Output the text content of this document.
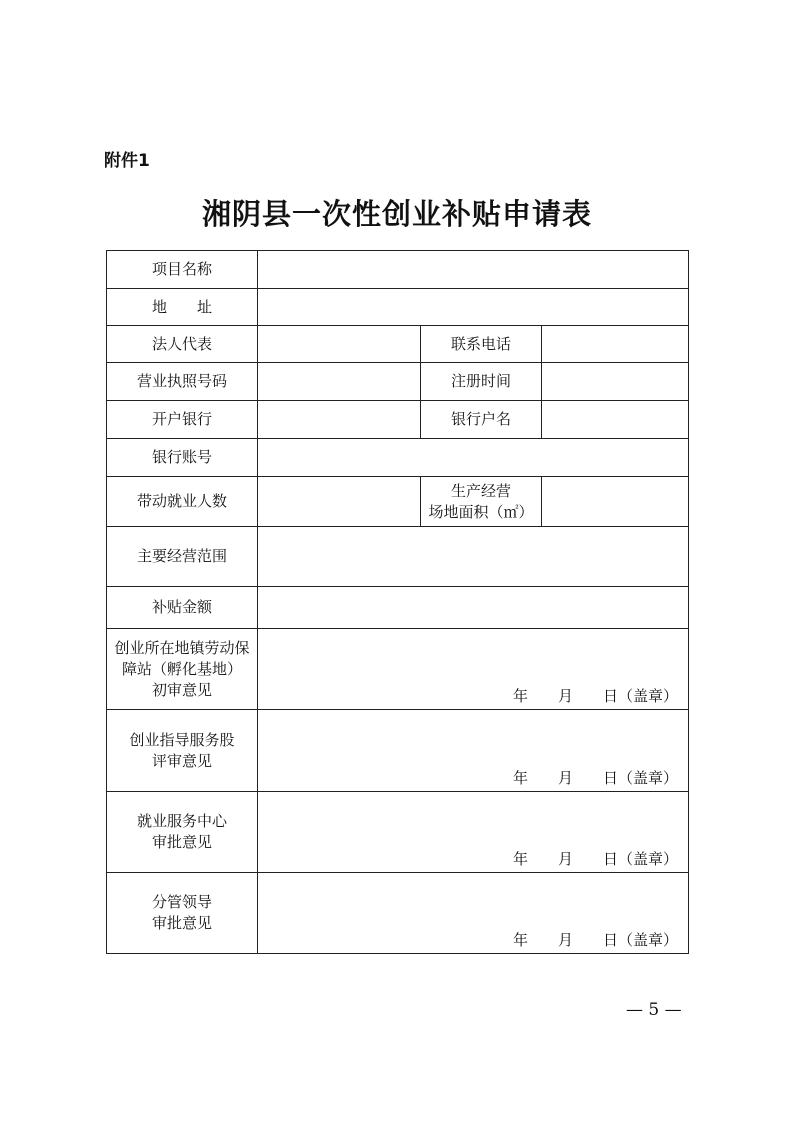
附件1
湘阴县一次性创业补贴申请表
项目名称			
地　　址			
法人代表		联系电话	
营业执照号码		注册时间	
开户银行		银行户名	
银行账号			
带动就业人数		生产经营
场地面积（㎡）	

主要经营范围			
补贴金额			

创业所在地镇劳动保
障站（孵化基地）
初审意见	年　　月　　日（盖章）		

创业指导服务股
评审意见	年　　月　　日（盖章）		

就业服务中心
审批意见	年　　月　　日（盖章）		

分管领导
审批意见	年　　月　　日（盖章）		
— 5 —
